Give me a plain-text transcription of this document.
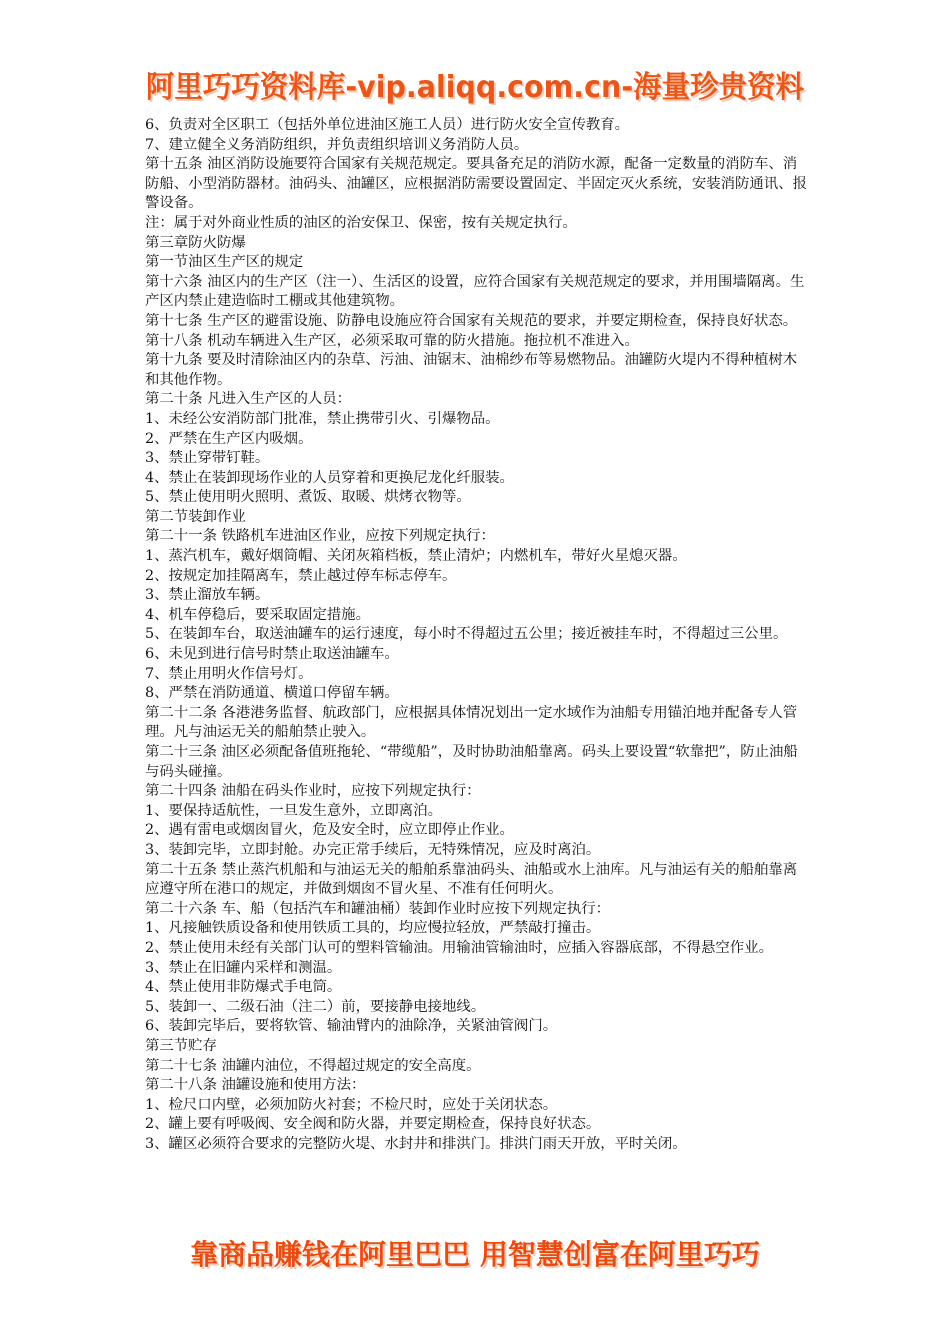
阿里巧巧资料库-vip.aliqq.com.cn-海量珍贵资料

6、负责对全区职工（包括外单位进油区施工人员）进行防火安全宣传教育。

7、建立健全义务消防组织，并负责组织培训义务消防人员。

第十五条 油区消防设施要符合国家有关规范规定。要具备充足的消防水源，配备一定数量的消防车、消防船、小型消防器材。油码头、油罐区，应根据消防需要设置固定、半固定灭火系统，安装消防通讯、报警设备。

注：属于对外商业性质的油区的治安保卫、保密，按有关规定执行。

第三章防火防爆

第一节油区生产区的规定

第十六条 油区内的生产区（注一）、生活区的设置，应符合国家有关规范规定的要求，并用围墙隔离。生产区内禁止建造临时工棚或其他建筑物。

第十七条 生产区的避雷设施、防静电设施应符合国家有关规范的要求，并要定期检查，保持良好状态。

第十八条 机动车辆进入生产区，必须采取可靠的防火措施。拖拉机不准进入。

第十九条 要及时清除油区内的杂草、污油、油锯末、油棉纱布等易燃物品。油罐防火堤内不得种植树木和其他作物。

第二十条 凡进入生产区的人员：

1、未经公安消防部门批准，禁止携带引火、引爆物品。

2、严禁在生产区内吸烟。

3、禁止穿带钉鞋。

4、禁止在装卸现场作业的人员穿着和更换尼龙化纤服装。

5、禁止使用明火照明、煮饭、取暖、烘烤衣物等。

第二节装卸作业

第二十一条 铁路机车进油区作业，应按下列规定执行：

1、蒸汽机车，戴好烟筒帽、关闭灰箱档板，禁止清炉；内燃机车，带好火星熄灭器。

2、按规定加挂隔离车，禁止越过停车标志停车。

3、禁止溜放车辆。

4、机车停稳后，要采取固定措施。

5、在装卸车台，取送油罐车的运行速度，每小时不得超过五公里；接近被挂车时，不得超过三公里。

6、未见到进行信号时禁止取送油罐车。

7、禁止用明火作信号灯。

8、严禁在消防通道、横道口停留车辆。

第二十二条 各港港务监督、航政部门，应根据具体情况划出一定水域作为油船专用锚泊地并配备专人管理。凡与油运无关的船舶禁止驶入。

第二十三条 油区必须配备值班拖轮、“带缆船”，及时协助油船靠离。码头上要设置“软靠把”，防止油船与码头碰撞。

第二十四条 油船在码头作业时，应按下列规定执行：

1、要保持适航性，一旦发生意外，立即离泊。

2、遇有雷电或烟囱冒火，危及安全时，应立即停止作业。

3、装卸完毕，立即封舱。办完正常手续后，无特殊情况，应及时离泊。

第二十五条 禁止蒸汽机船和与油运无关的船舶系靠油码头、油船或水上油库。凡与油运有关的船舶靠离应遵守所在港口的规定，并做到烟囱不冒火星、不准有任何明火。

第二十六条 车、船（包括汽车和罐油桶）装卸作业时应按下列规定执行：

1、凡接触铁质设备和使用铁质工具的，均应慢拉轻放，严禁敲打撞击。

2、禁止使用未经有关部门认可的塑料管输油。用输油管输油时，应插入容器底部，不得悬空作业。

3、禁止在旧罐内采样和测温。

4、禁止使用非防爆式手电筒。

5、装卸一、二级石油（注二）前，要接静电接地线。

6、装卸完毕后，要将软管、输油臂内的油除净，关紧油管阀门。

第三节贮存

第二十七条 油罐内油位，不得超过规定的安全高度。

第二十八条 油罐设施和使用方法：

1、检尺口内壁，必须加防火衬套；不检尺时，应处于关闭状态。

2、罐上要有呼吸阀、安全阀和防火器，并要定期检查，保持良好状态。

3、罐区必须符合要求的完整防火堤、水封井和排洪门。排洪门雨天开放，平时关闭。

靠商品赚钱在阿里巴巴 用智慧创富在阿里巧巧
